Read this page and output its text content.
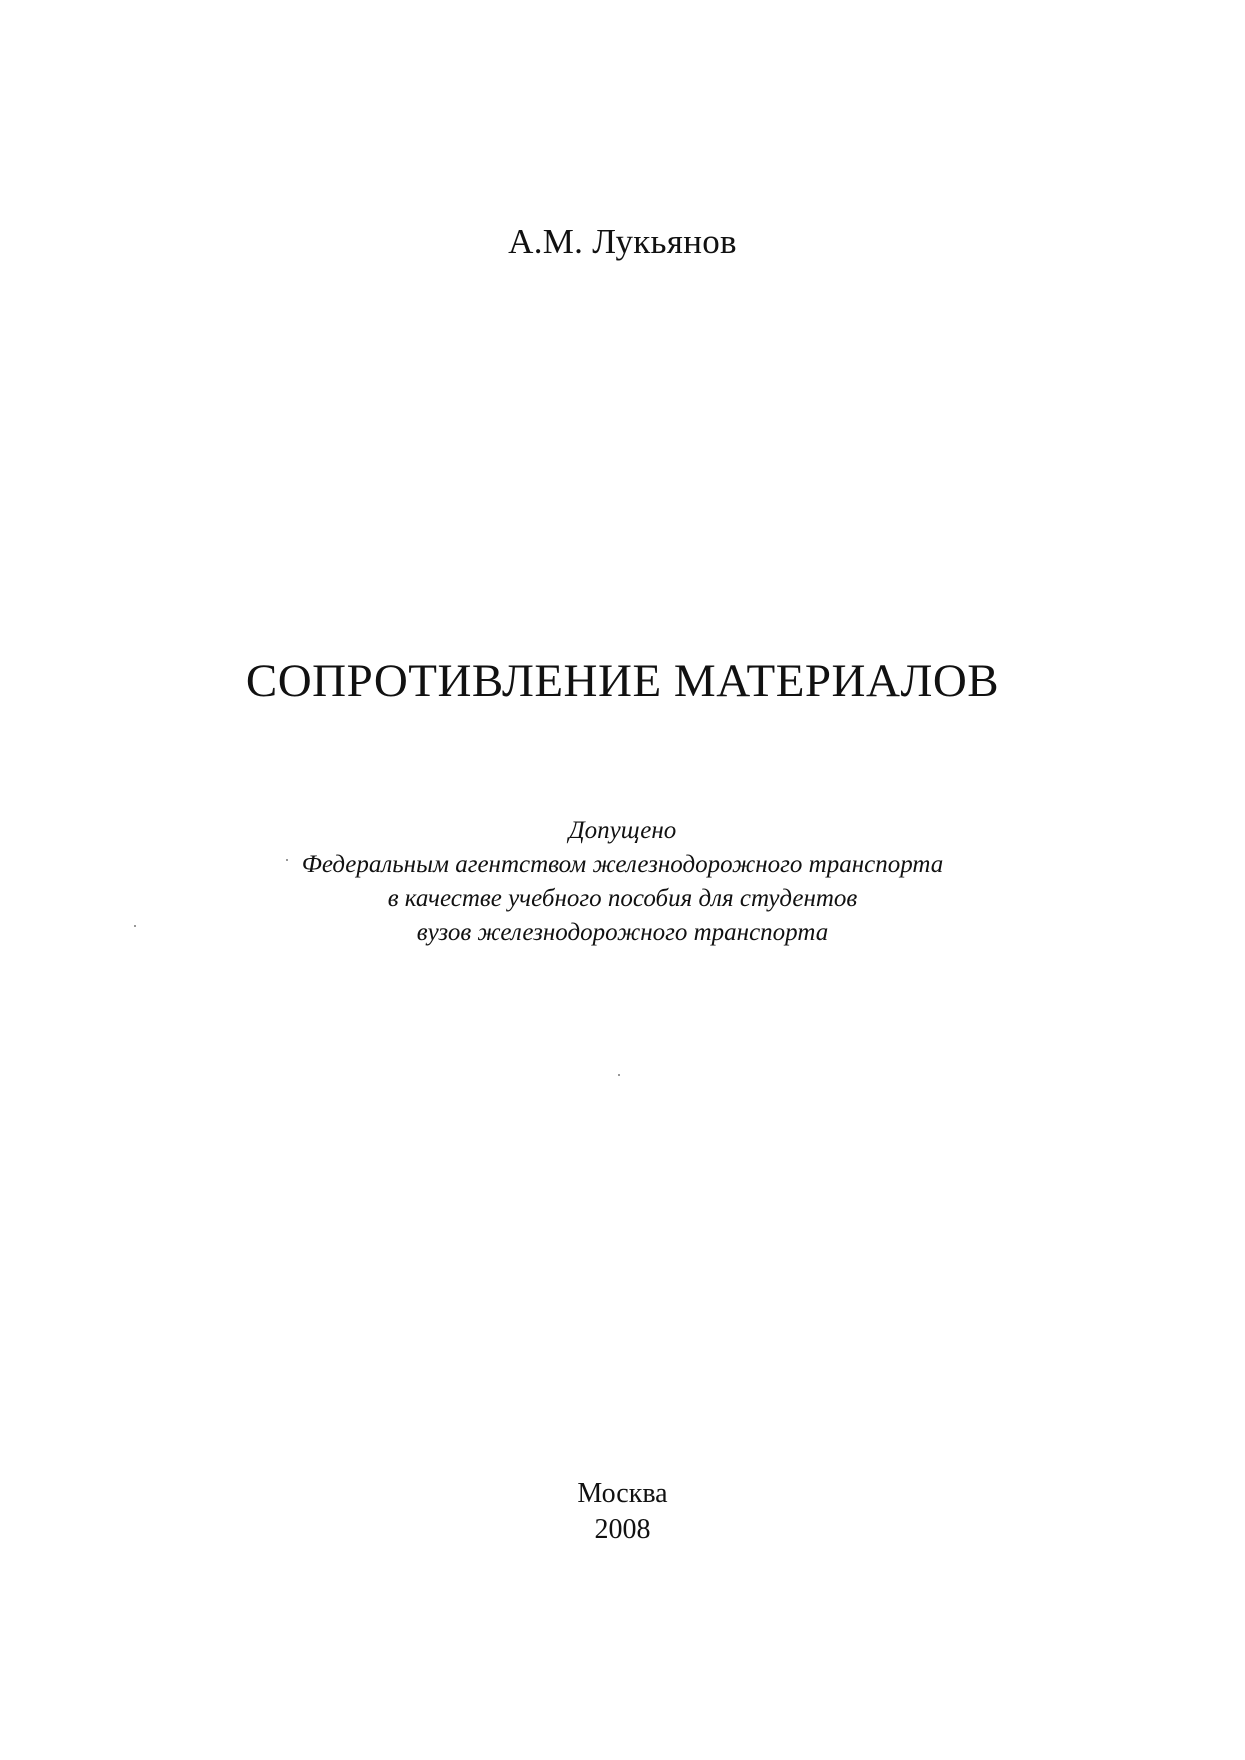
А.М. Лукьянов
СОПРОТИВЛЕНИЕ МАТЕРИАЛОВ
Допущено
Федеральным агентством железнодорожного транспорта
в качестве учебного пособия для студентов
вузов железнодорожного транспорта
Москва
2008
